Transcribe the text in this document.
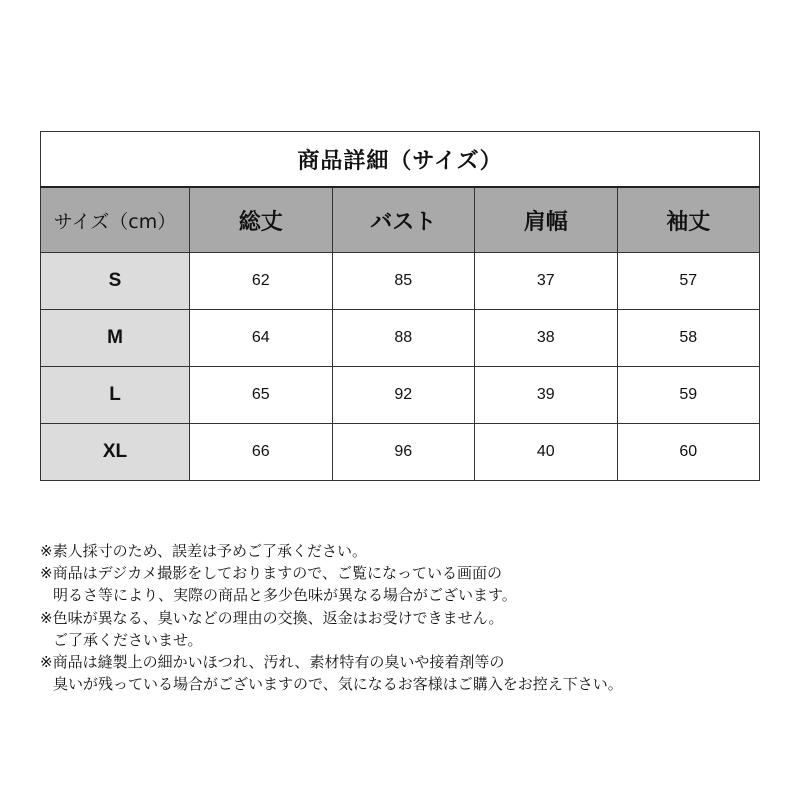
商品詳細（サイズ）				
サイズ（cm）	総丈	バスト	肩幅	袖丈
S	62	85	37	57
M	64	88	38	58
L	65	92	39	59
XL	66	96	40	60

※素人採寸のため、誤差は予めご了承ください。

※商品はデジカメ撮影をしておりますので、ご覧になっている画面の

明るさ等により、実際の商品と多少色味が異なる場合がございます。

※色味が異なる、臭いなどの理由の交換、返金はお受けできません。

ご了承くださいませ。

※商品は縫製上の細かいほつれ、汚れ、素材特有の臭いや接着剤等の

臭いが残っている場合がございますので、気になるお客様はご購入をお控え下さい。
